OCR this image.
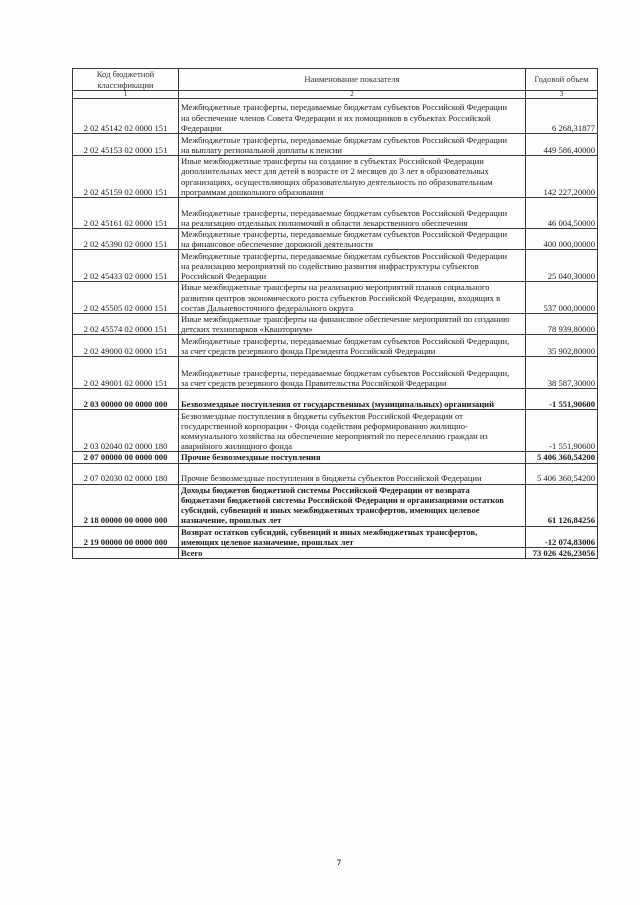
Код бюджетной
классификации	Наименование показателя	Годовой объем
1	2	3
2 02 45142 02 0000 151	Межбюджетные трансферты, передаваемые бюджетам субъектов Российской Федерации
на обеспечение членов Совета Федерации и их помощников в субъектах Российской
Федерации	6 268,31877
2 02 45153 02 0000 151	Межбюджетные трансферты, передаваемые бюджетам субъектов Российской Федерации
на выплату региональной доплаты к пенсии	449 586,40000
2 02 45159 02 0000 151	Иные межбюджетные трансферты на создание в субъектах Российской Федерации
дополнительных мест для детей в возрасте от 2 месяцев до 3 лет в образовательных
организациях, осуществляющих образовательную деятельность по образовательным
программам дошкольного образования	142 227,20000
2 02 45161 02 0000 151	Межбюджетные трансферты, передаваемые бюджетам субъектов Российской Федерации
на реализацию отдельных полномочий в области лекарственного обеспечения	46 004,50000
2 02 45390 02 0000 151	Межбюджетные трансферты, передаваемые бюджетам субъектов Российской Федерации
на финансовое обеспечение дорожной деятельности	400 000,00000
2 02 45433 02 0000 151	Межбюджетные трансферты, передаваемые бюджетам субъектов Российской Федерации
на реализацию мероприятий по содействию развития инфраструктуры субъектов
Российской Федерации	25 040,30000
2 02 45505 02 0000 151	Иные межбюджетные трансферты на реализацию мероприятий планов социального
развития центров экономического роста субъектов Российской Федерации, входящих в
состав Дальневосточного федерального округа	537 000,00000
2 02 45574 02 0000 151	Иные межбюджетные трансферты на финансовое обеспечение мероприятий по созданию
детских технопарков «Кванториум»	78 939,80000
2 02 49000 02 0000 151	Межбюджетные трансферты, передаваемые бюджетам субъектов Российской Федерации,
за счет средств резервного фонда Президента Российской Федерации	35 902,80000
2 02 49001 02 0000 151	Межбюджетные трансферты, передаваемые бюджетам субъектов Российской Федерации,
за счет средств резервного фонда Правительства Российской Федерации	38 587,30000
2 03 00000 00 0000 000	Безвозмездные поступления от государственных (муниципальных) организаций	-1 551,90600
2 03 02040 02 0000 180	Безвозмездные поступления в бюджеты субъектов Российской Федерации от
государственной корпорации - Фонда содействия реформированию жилищно-
коммунального хозяйства на обеспечение мероприятий по переселению граждан из
аварийного жилищного фонда	-1 551,90600
2 07 00000 00 0000 000	Прочие безвозмездные поступления	5 406 360,54200
2 07 02030 02 0000 180	Прочие безвозмездные поступления в бюджеты субъектов Российской Федерации	5 406 360,54200
2 18 00000 00 0000 000	Доходы бюджетов бюджетной системы Российской Федерации от возврата
бюджетами бюджетной системы Российской Федерации и организациями остатков
субсидий, субвенций и иных межбюджетных трансфертов, имеющих целевое
назначение, прошлых лет	61 126,84256
2 19 00000 00 0000 000	Возврат остатков субсидий, субвенций и иных межбюджетных трансфертов,
имеющих целевое назначение, прошлых лет	-12 074,83006
	Всего	73 026 426,23056
7
